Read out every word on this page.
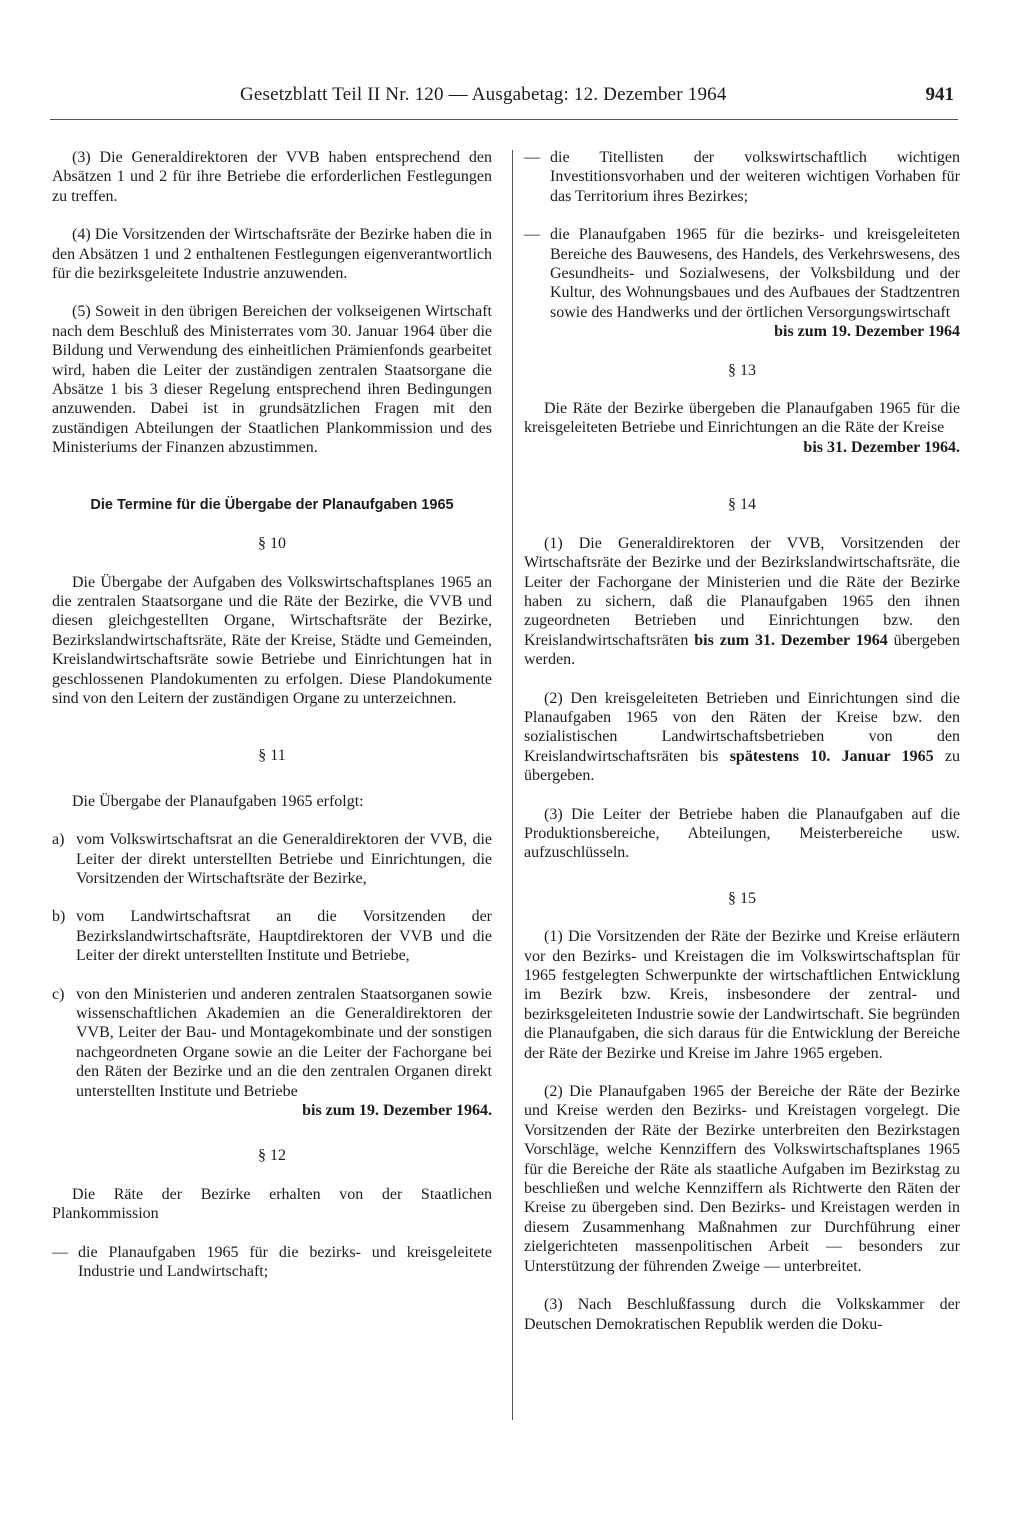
Gesetzblatt Teil II Nr. 120 — Ausgabetag: 12. Dezember 1964	941

(3) Die Generaldirektoren der VVB haben entsprechend den Absätzen 1 und 2 für ihre Betriebe die erforderlichen Festlegungen zu treffen.

(4) Die Vorsitzenden der Wirtschaftsräte der Bezirke haben die in den Absätzen 1 und 2 enthaltenen Festlegungen eigenverantwortlich für die bezirksgeleitete Industrie anzuwenden.

(5) Soweit in den übrigen Bereichen der volkseigenen Wirtschaft nach dem Beschluß des Ministerrates vom 30. Januar 1964 über die Bildung und Verwendung des einheitlichen Prämienfonds gearbeitet wird, haben die Leiter der zuständigen zentralen Staatsorgane die Absätze 1 bis 3 dieser Regelung entsprechend ihren Bedingungen anzuwenden. Dabei ist in grundsätzlichen Fragen mit den zuständigen Abteilungen der Staatlichen Plankommission und des Ministeriums der Finanzen abzustimmen.

Die Termine für die Übergabe der Planaufgaben 1965

§ 10

Die Übergabe der Aufgaben des Volkswirtschaftsplanes 1965 an die zentralen Staatsorgane und die Räte der Bezirke, die VVB und diesen gleichgestellten Organe, Wirtschaftsräte der Bezirke, Bezirkslandwirtschaftsräte, Räte der Kreise, Städte und Gemeinden, Kreislandwirtschaftsräte sowie Betriebe und Einrichtungen hat in geschlossenen Plandokumenten zu erfolgen. Diese Plandokumente sind von den Leitern der zuständigen Organe zu unterzeichnen.

§ 11

Die Übergabe der Planaufgaben 1965 erfolgt:

a) vom Volkswirtschaftsrat an die Generaldirektoren der VVB, die Leiter der direkt unterstellten Betriebe und Einrichtungen, die Vorsitzenden der Wirtschaftsräte der Bezirke,
b) vom Landwirtschaftsrat an die Vorsitzenden der Bezirkslandwirtschaftsräte, Hauptdirektoren der VVB und die Leiter der direkt unterstellten Institute und Betriebe,
c) von den Ministerien und anderen zentralen Staatsorganen sowie wissenschaftlichen Akademien an die Generaldirektoren der VVB, Leiter der Bau- und Montagekombinate und der sonstigen nachgeordneten Organe sowie an die Leiter der Fachorgane bei den Räten der Bezirke und an die den zentralen Organen direkt unterstellten Institute und Betriebe

bis zum 19. Dezember 1964.

§ 12

Die Räte der Bezirke erhalten von der Staatlichen Plankommission

— die Planaufgaben 1965 für die bezirks- und kreisgeleitete Industrie und Landwirtschaft;
— die Titellisten der volkswirtschaftlich wichtigen Investitionsvorhaben und der weiteren wichtigen Vorhaben für das Territorium ihres Bezirkes;
— die Planaufgaben 1965 für die bezirks- und kreisgeleiteten Bereiche des Bauwesens, des Handels, des Verkehrswesens, des Gesundheits- und Sozialwesens, der Volksbildung und der Kultur, des Wohnungsbaues und des Aufbaues der Stadtzentren sowie des Handwerks und der örtlichen Versorgungswirtschaft

bis zum 19. Dezember 1964

§ 13

Die Räte der Bezirke übergeben die Planaufgaben 1965 für die kreisgeleiteten Betriebe und Einrichtungen an die Räte der Kreise

bis 31. Dezember 1964.

§ 14

(1) Die Generaldirektoren der VVB, Vorsitzenden der Wirtschaftsräte der Bezirke und der Bezirkslandwirtschaftsräte, die Leiter der Fachorgane der Ministerien und die Räte der Bezirke haben zu sichern, daß die Planaufgaben 1965 den ihnen zugeordneten Betrieben und Einrichtungen bzw. den Kreislandwirtschaftsräten bis zum 31. Dezember 1964 übergeben werden.

(2) Den kreisgeleiteten Betrieben und Einrichtungen sind die Planaufgaben 1965 von den Räten der Kreise bzw. den sozialistischen Landwirtschaftsbetrieben von den Kreislandwirtschaftsräten bis spätestens 10. Januar 1965 zu übergeben.

(3) Die Leiter der Betriebe haben die Planaufgaben auf die Produktionsbereiche, Abteilungen, Meisterbereiche usw. aufzuschlüsseln.

§ 15

(1) Die Vorsitzenden der Räte der Bezirke und Kreise erläutern vor den Bezirks- und Kreistagen die im Volkswirtschaftsplan für 1965 festgelegten Schwerpunkte der wirtschaftlichen Entwicklung im Bezirk bzw. Kreis, insbesondere der zentral- und bezirksgeleiteten Industrie sowie der Landwirtschaft. Sie begründen die Planaufgaben, die sich daraus für die Entwicklung der Bereiche der Räte der Bezirke und Kreise im Jahre 1965 ergeben.

(2) Die Planaufgaben 1965 der Bereiche der Räte der Bezirke und Kreise werden den Bezirks- und Kreistagen vorgelegt. Die Vorsitzenden der Räte der Bezirke unterbreiten den Bezirkstagen Vorschläge, welche Kennziffern des Volkswirtschaftsplanes 1965 für die Bereiche der Räte als staatliche Aufgaben im Bezirkstag zu beschließen und welche Kennziffern als Richtwerte den Räten der Kreise zu übergeben sind. Den Bezirks- und Kreistagen werden in diesem Zusammenhang Maßnahmen zur Durchführung einer zielgerichteten massenpolitischen Arbeit — besonders zur Unterstützung der führenden Zweige — unterbreitet.

(3) Nach Beschlußfassung durch die Volkskammer der Deutschen Demokratischen Republik werden die Doku-
